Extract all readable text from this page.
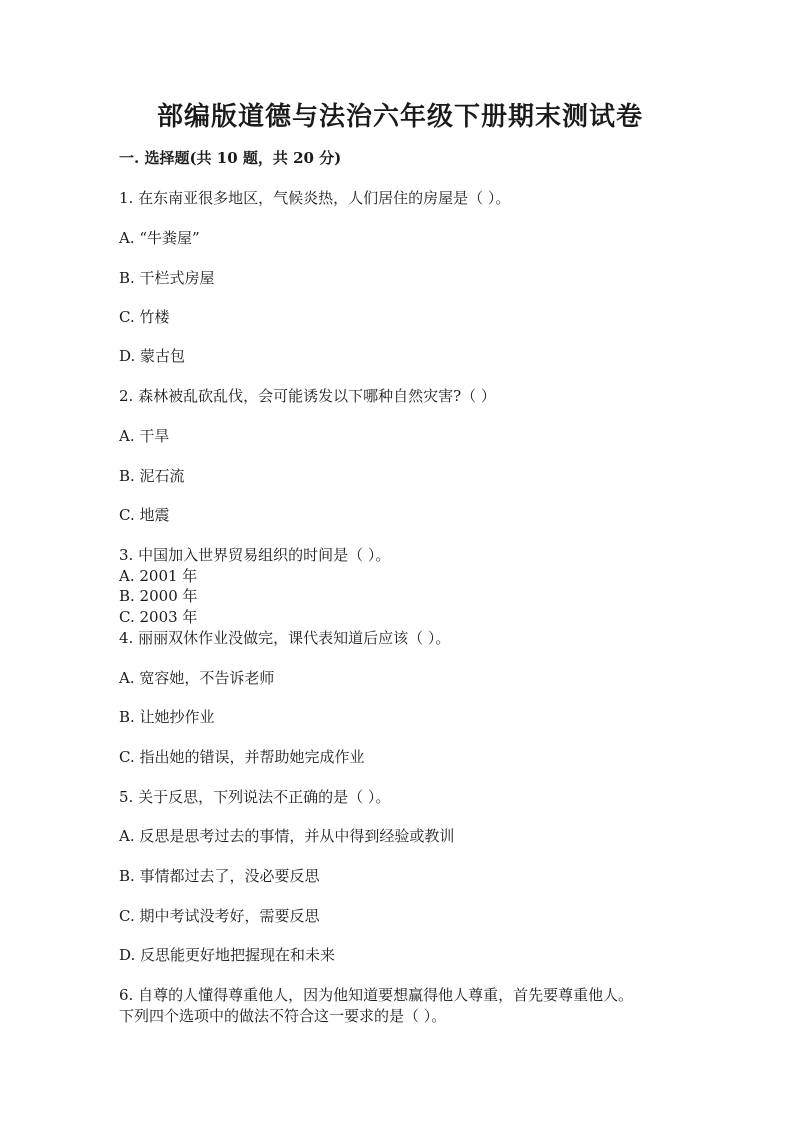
部编版道德与法治六年级下册期末测试卷
一. 选择题(共 10 题，共 20 分)
1. 在东南亚很多地区，气候炎热，人们居住的房屋是（ ）。
A. “牛粪屋”
B. 干栏式房屋
C. 竹楼
D. 蒙古包
2. 森林被乱砍乱伐，会可能诱发以下哪种自然灾害?（ ）
A. 干旱
B. 泥石流
C. 地震
3. 中国加入世界贸易组织的时间是（ ）。
A. 2001 年
B. 2000 年
C. 2003 年
4. 丽丽双休作业没做完，课代表知道后应该（ ）。
A. 宽容她，不告诉老师
B. 让她抄作业
C. 指出她的错误，并帮助她完成作业
5. 关于反思，下列说法不正确的是（ ）。
A. 反思是思考过去的事情，并从中得到经验或教训
B. 事情都过去了，没必要反思
C. 期中考试没考好，需要反思
D. 反思能更好地把握现在和未来
6. 自尊的人懂得尊重他人，因为他知道要想赢得他人尊重，首先要尊重他人。
下列四个选项中的做法不符合这一要求的是（ ）。
